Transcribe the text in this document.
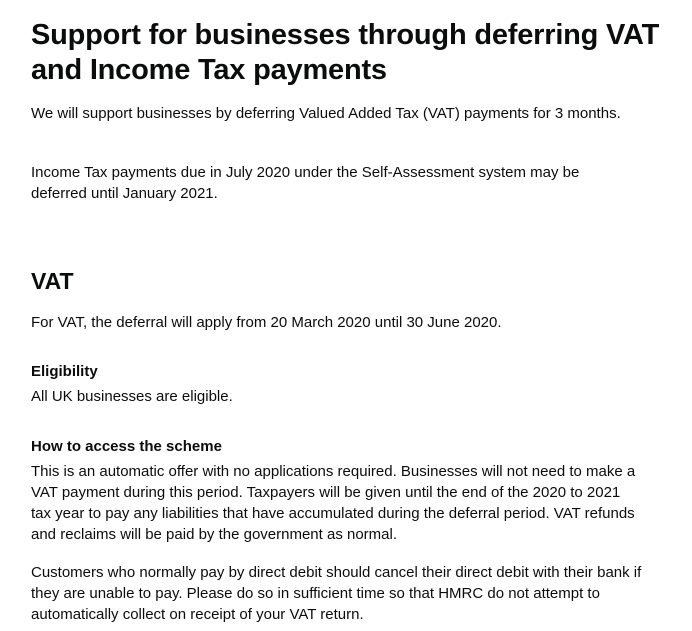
Support for businesses through deferring VAT and Income Tax payments

We will support businesses by deferring Valued Added Tax (VAT) payments for 3 months.

Income Tax payments due in July 2020 under the Self-Assessment system may be deferred until January 2021.

VAT

For VAT, the deferral will apply from 20 March 2020 until 30 June 2020.

Eligibility

All UK businesses are eligible.

How to access the scheme

This is an automatic offer with no applications required. Businesses will not need to make a VAT payment during this period. Taxpayers will be given until the end of the 2020 to 2021 tax year to pay any liabilities that have accumulated during the deferral period. VAT refunds and reclaims will be paid by the government as normal.

Customers who normally pay by direct debit should cancel their direct debit with their bank if they are unable to pay. Please do so in sufficient time so that HMRC do not attempt to automatically collect on receipt of your VAT return.
